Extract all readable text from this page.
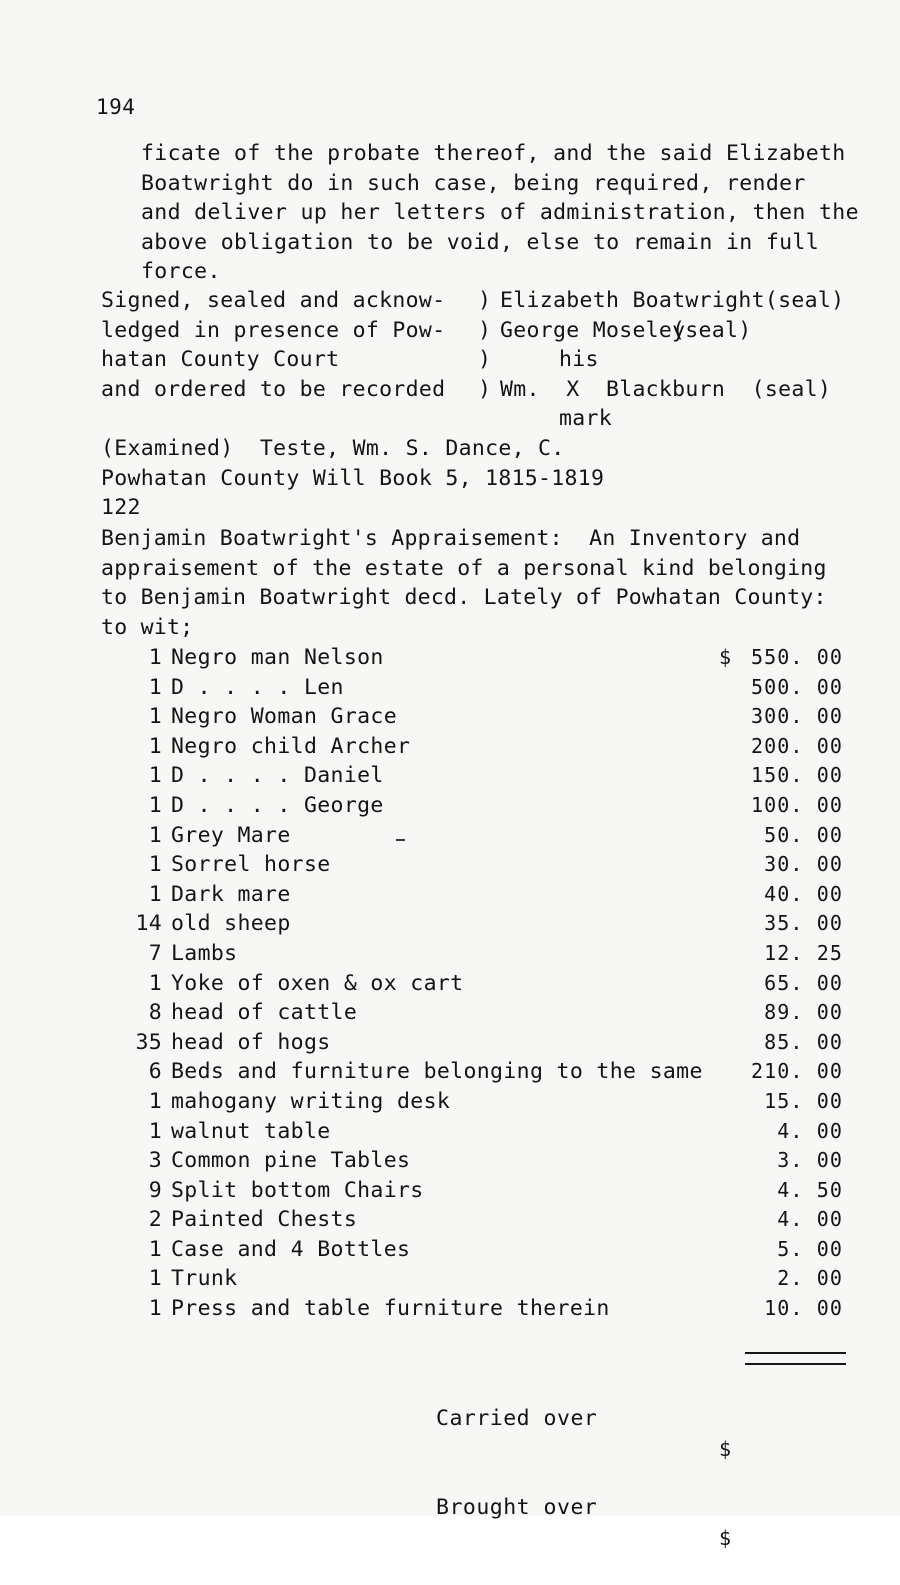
194
ficate of the probate thereof, and the said Elizabeth
Boatwright do in such case, being required, render
and deliver up her letters of administration, then the
above obligation to be void, else to remain in full
force.
Signed, sealed and acknow- ) Elizabeth Boatwright(seal)
ledged in presence of Pow- ) George Moseley
(seal)
hatan County Court	)	his
and ordered to be recorded ) Wm.  X  Blackburn  (seal)
mark
(Examined)  Teste, Wm. S. Dance, C.
Powhatan County Will Book 5, 1815-1819
122
Benjamin Boatwright's Appraisement:  An Inventory and
appraisement of the estate of a personal kind belonging
to Benjamin Boatwright decd. Lately of Powhatan County:
to wit;
1 Negro man Nelson	$ 550. 00
1 D . . . . Len	500. 00
1 Negro Woman Grace	300. 00
1 Negro child Archer	200. 00
1 D . . . . Daniel	150. 00
1 D . . . . George	100. 00
1 Grey Mare	50. 00
1 Sorrel horse	30. 00
1 Dark mare	40. 00
14 old sheep	35. 00
7 Lambs	12. 25
1 Yoke of oxen & ox cart	65. 00
8 head of cattle	89. 00
35 head of hogs	85. 00
6 Beds and furniture belonging to the same	210. 00
1 mahogany writing desk	15. 00
1 walnut table	4. 00
3 Common pine Tables	3. 00
9 Split bottom Chairs	4. 50
2 Painted Chests	4. 00
1 Case and 4 Bottles	5. 00
1 Trunk	2. 00
1 Press and table furniture therein	10. 00

Carried over

$

Brought over

$
